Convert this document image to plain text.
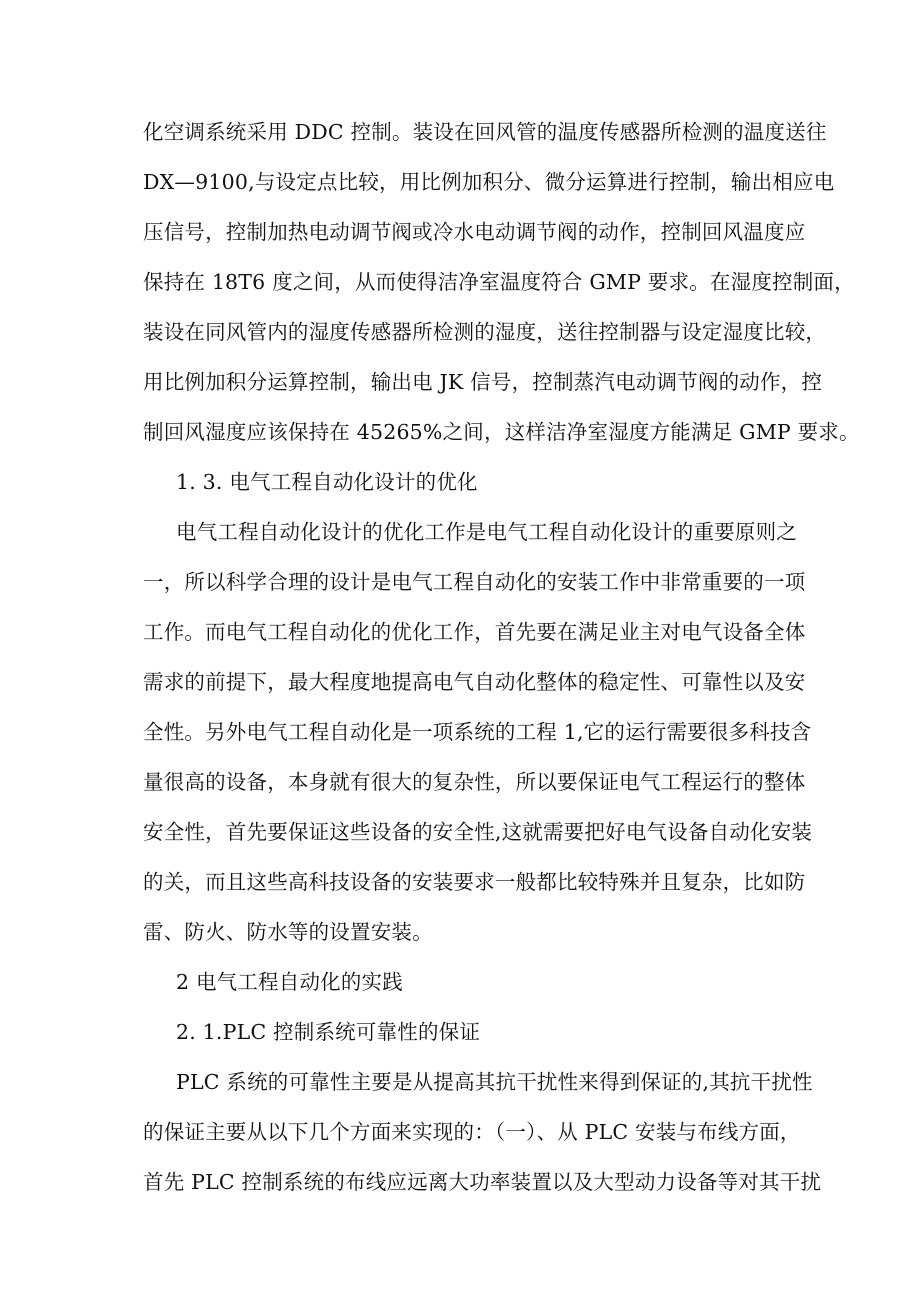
化空调系统采用 DDC 控制。装设在回风管的温度传感器所检测的温度送往
DX—9100,与设定点比较，用比例加积分、微分运算进行控制，输出相应电
压信号，控制加热电动调节阀或冷水电动调节阀的动作，控制回风温度应
保持在 18T6 度之间，从而使得洁净室温度符合 GMP 要求。在湿度控制面，
装设在同风管内的湿度传感器所检测的湿度，送往控制器与设定湿度比较，
用比例加积分运算控制，输出电 JK 信号，控制蒸汽电动调节阀的动作，控
制回风湿度应该保持在 45265%之间，这样洁净室湿度方能满足 GMP 要求。
1. 3. 电气工程自动化设计的优化
电气工程自动化设计的优化工作是电气工程自动化设计的重要原则之
一，所以科学合理的设计是电气工程自动化的安装工作中非常重要的一项
工作。而电气工程自动化的优化工作，首先要在满足业主对电气设备全体
需求的前提下，最大程度地提高电气自动化整体的稳定性、可靠性以及安
全性。另外电气工程自动化是一项系统的工程 1,它的运行需要很多科技含
量很高的设备，本身就有很大的复杂性，所以要保证电气工程运行的整体
安全性，首先要保证这些设备的安全性,这就需要把好电气设备自动化安装
的关，而且这些高科技设备的安装要求一般都比较特殊并且复杂，比如防
雷、防火、防水等的设置安装。
2 电气工程自动化的实践
2. 1.PLC 控制系统可靠性的保证
PLC 系统的可靠性主要是从提高其抗干扰性来得到保证的,其抗干扰性
的保证主要从以下几个方面来实现的：（一）、从 PLC 安装与布线方面，
首先 PLC 控制系统的布线应远离大功率装置以及大型动力设备等对其干扰
